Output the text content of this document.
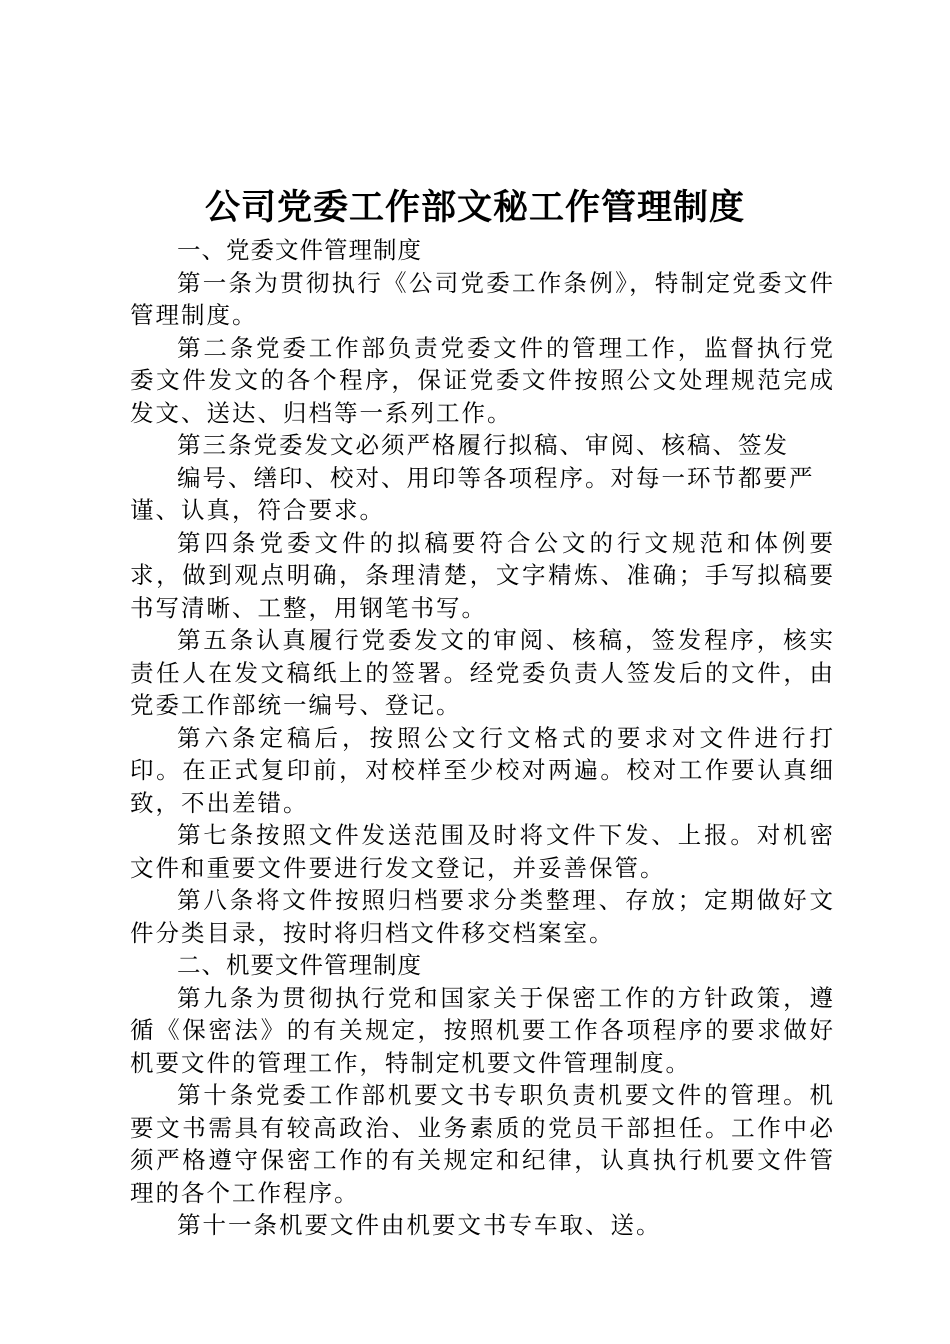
公司党委工作部文秘工作管理制度

一、党委文件管理制度

第一条为贯彻执行《公司党委工作条例》，特制定党委文件管理制度。

第二条党委工作部负责党委文件的管理工作，监督执行党委文件发文的各个程序，保证党委文件按照公文处理规范完成发文、送达、归档等一系列工作。

第三条党委发文必须严格履行拟稿、审阅、核稿、签发

编号、缮印、校对、用印等各项程序。对每一环节都要严

谨、认真，符合要求。

第四条党委文件的拟稿要符合公文的行文规范和体例要求，做到观点明确，条理清楚，文字精炼、准确；手写拟稿要书写清晰、工整，用钢笔书写。

第五条认真履行党委发文的审阅、核稿，签发程序，核实责任人在发文稿纸上的签署。经党委负责人签发后的文件，由党委工作部统一编号、登记。

第六条定稿后，按照公文行文格式的要求对文件进行打印。在正式复印前，对校样至少校对两遍。校对工作要认真细致，不出差错。

第七条按照文件发送范围及时将文件下发、上报。对机密文件和重要文件要进行发文登记，并妥善保管。

第八条将文件按照归档要求分类整理、存放；定期做好文件分类目录，按时将归档文件移交档案室。

二、机要文件管理制度

第九条为贯彻执行党和国家关于保密工作的方针政策，遵循《保密法》的有关规定，按照机要工作各项程序的要求做好机要文件的管理工作，特制定机要文件管理制度。

第十条党委工作部机要文书专职负责机要文件的管理。机要文书需具有较高政治、业务素质的党员干部担任。工作中必须严格遵守保密工作的有关规定和纪律，认真执行机要文件管理的各个工作程序。

第十一条机要文件由机要文书专车取、送。
